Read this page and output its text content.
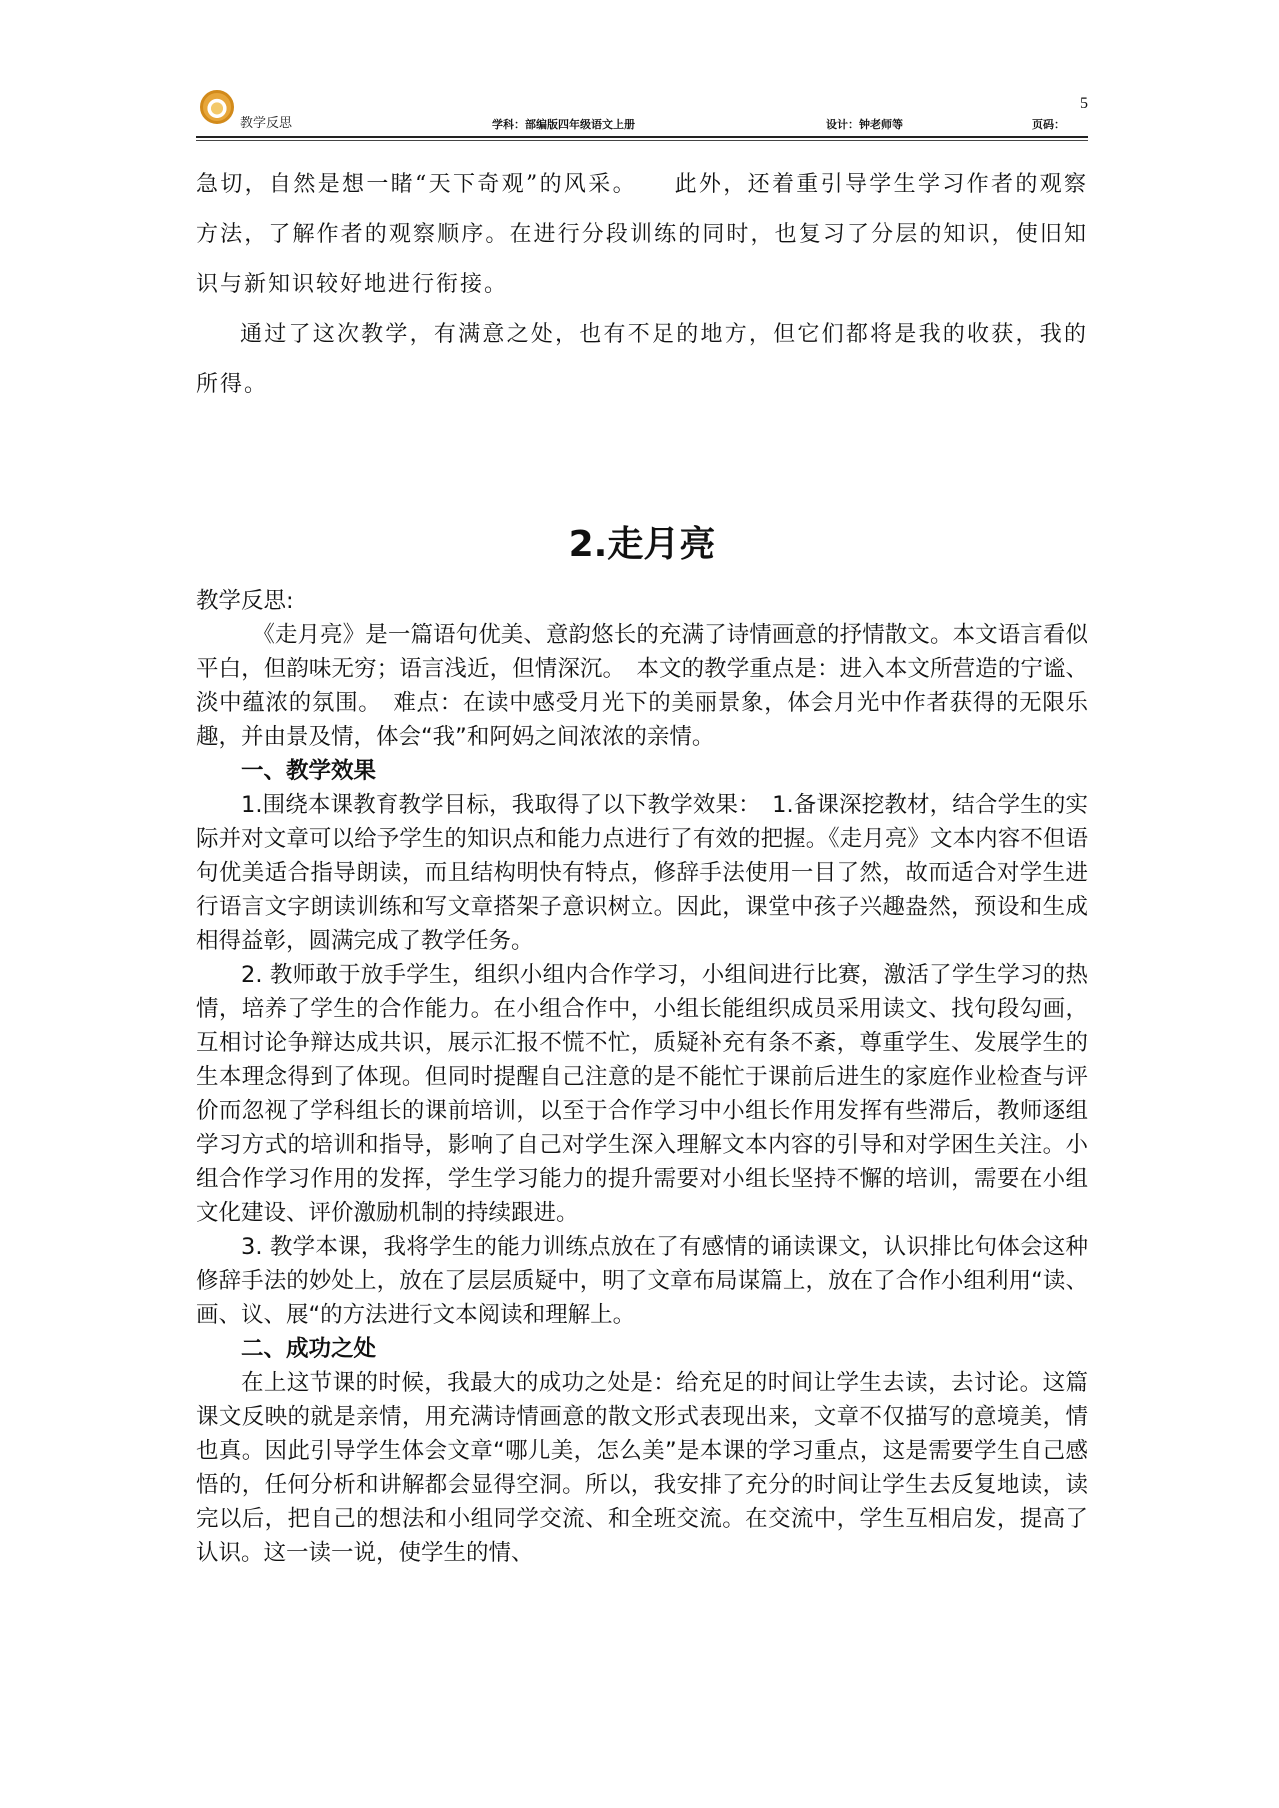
5
教学反思	学科：部编版四年级语文上册	设计：钟老师等	页码：

急切，自然是想一睹“天下奇观”的风采。　　此外，还着重引导学生学习作者的观察方法，了解作者的观察顺序。在进行分段训练的同时，也复习了分层的知识，使旧知识与新知识较好地进行衔接。

通过了这次教学，有满意之处，也有不足的地方，但它们都将是我的收获，我的所得。

2.走月亮

教学反思:

　《走月亮》是一篇语句优美、意韵悠长的充满了诗情画意的抒情散文。本文语言看似平白，但韵味无穷；语言浅近，但情深沉。　本文的教学重点是：进入本文所营造的宁谧、淡中蕴浓的氛围。　难点：在读中感受月光下的美丽景象，体会月光中作者获得的无限乐趣，并由景及情，体会“我”和阿妈之间浓浓的亲情。

一、教学效果

1.围绕本课教育教学目标，我取得了以下教学效果：　1.备课深挖教材，结合学生的实际并对文章可以给予学生的知识点和能力点进行了有效的把握。《走月亮》文本内容不但语句优美适合指导朗读，而且结构明快有特点，修辞手法使用一目了然，故而适合对学生进行语言文字朗读训练和写文章搭架子意识树立。因此，课堂中孩子兴趣盎然，预设和生成相得益彰，圆满完成了教学任务。

2. 教师敢于放手学生，组织小组内合作学习，小组间进行比赛，激活了学生学习的热情，培养了学生的合作能力。在小组合作中，小组长能组织成员采用读文、找句段勾画，互相讨论争辩达成共识，展示汇报不慌不忙，质疑补充有条不紊，尊重学生、发展学生的生本理念得到了体现。但同时提醒自己注意的是不能忙于课前后进生的家庭作业检查与评价而忽视了学科组长的课前培训，以至于合作学习中小组长作用发挥有些滞后，教师逐组学习方式的培训和指导，影响了自己对学生深入理解文本内容的引导和对学困生关注。小组合作学习作用的发挥，学生学习能力的提升需要对小组长坚持不懈的培训，需要在小组文化建设、评价激励机制的持续跟进。

3. 教学本课，我将学生的能力训练点放在了有感情的诵读课文，认识排比句体会这种修辞手法的妙处上，放在了层层质疑中，明了文章布局谋篇上，放在了合作小组利用“读、画、议、展“的方法进行文本阅读和理解上。

二、成功之处

在上这节课的时候，我最大的成功之处是：给充足的时间让学生去读，去讨论。这篇课文反映的就是亲情，用充满诗情画意的散文形式表现出来，文章不仅描写的意境美，情也真。因此引导学生体会文章“哪儿美，怎么美”是本课的学习重点，这是需要学生自己感悟的，任何分析和讲解都会显得空洞。所以，我安排了充分的时间让学生去反复地读，读完以后，把自己的想法和小组同学交流、和全班交流。在交流中，学生互相启发，提高了认识。这一读一说，使学生的情、
